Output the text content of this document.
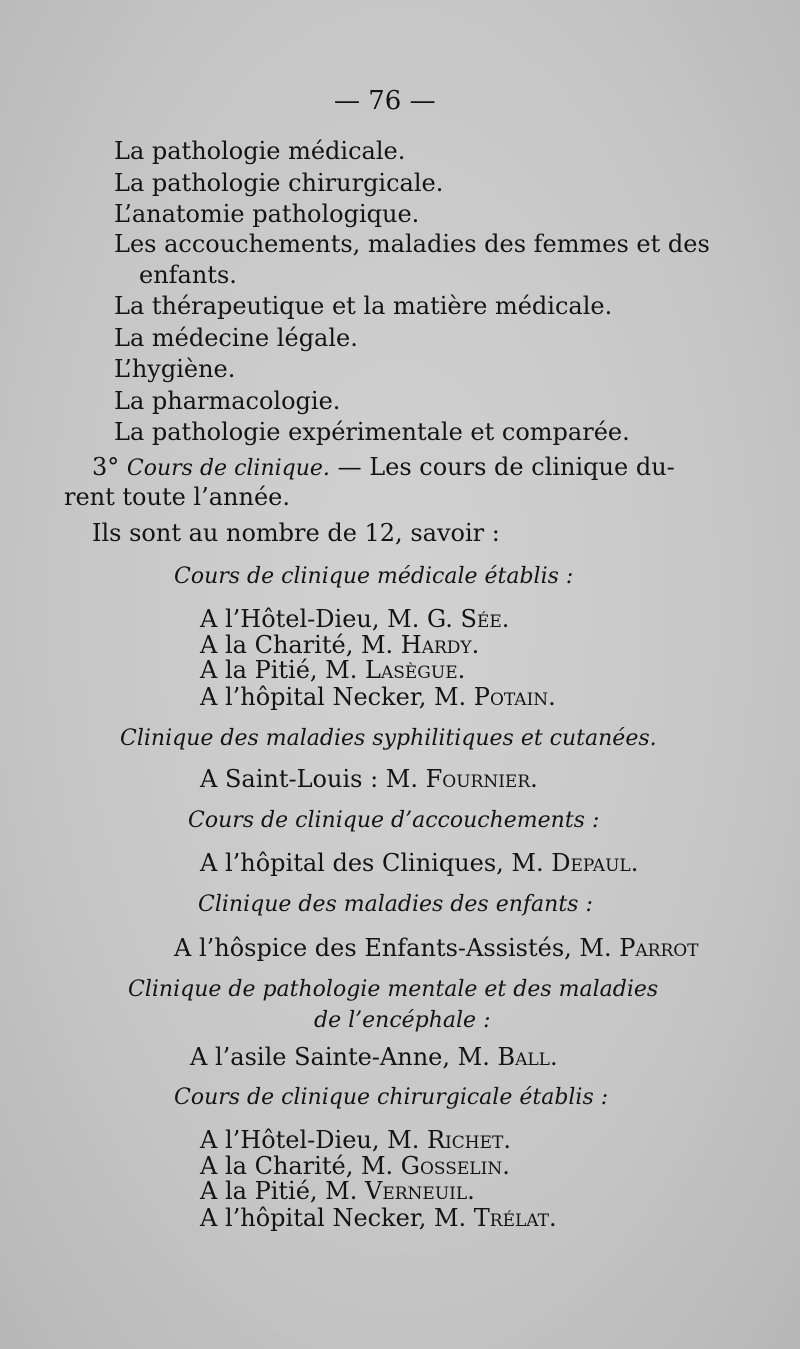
— 76 —
La pathologie médicale.
La pathologie chirurgicale.
L’anatomie pathologique.
Les accouchements, maladies des femmes et des
enfants.
La thérapeutique et la matière médicale.
La médecine légale.
L’hygiène.
La pharmacologie.
La pathologie expérimentale et comparée.
3° Cours de clinique. — Les cours de clinique du-
rent toute l’année.
Ils sont au nombre de 12, savoir :
Cours de clinique médicale établis :
A l’Hôtel-Dieu, M. G. Sée.
A la Charité, M. Hardy.
A la Pitié, M. Lasègue.
A l’hôpital Necker, M. Potain.
Clinique des maladies syphilitiques et cutanées.
A Saint-Louis : M. Fournier.
Cours de clinique d’accouchements :
A l’hôpital des Cliniques, M. Depaul.
Clinique des maladies des enfants :
A l’hôspice des Enfants-Assistés, M. Parrot
Clinique de pathologie mentale et des maladies
de l’encéphale :
A l’asile Sainte-Anne, M. Ball.
Cours de clinique chirurgicale établis :
A l’Hôtel-Dieu, M. Richet.
A la Charité, M. Gosselin.
A la Pitié, M. Verneuil.
A l’hôpital Necker, M. Trélat.
